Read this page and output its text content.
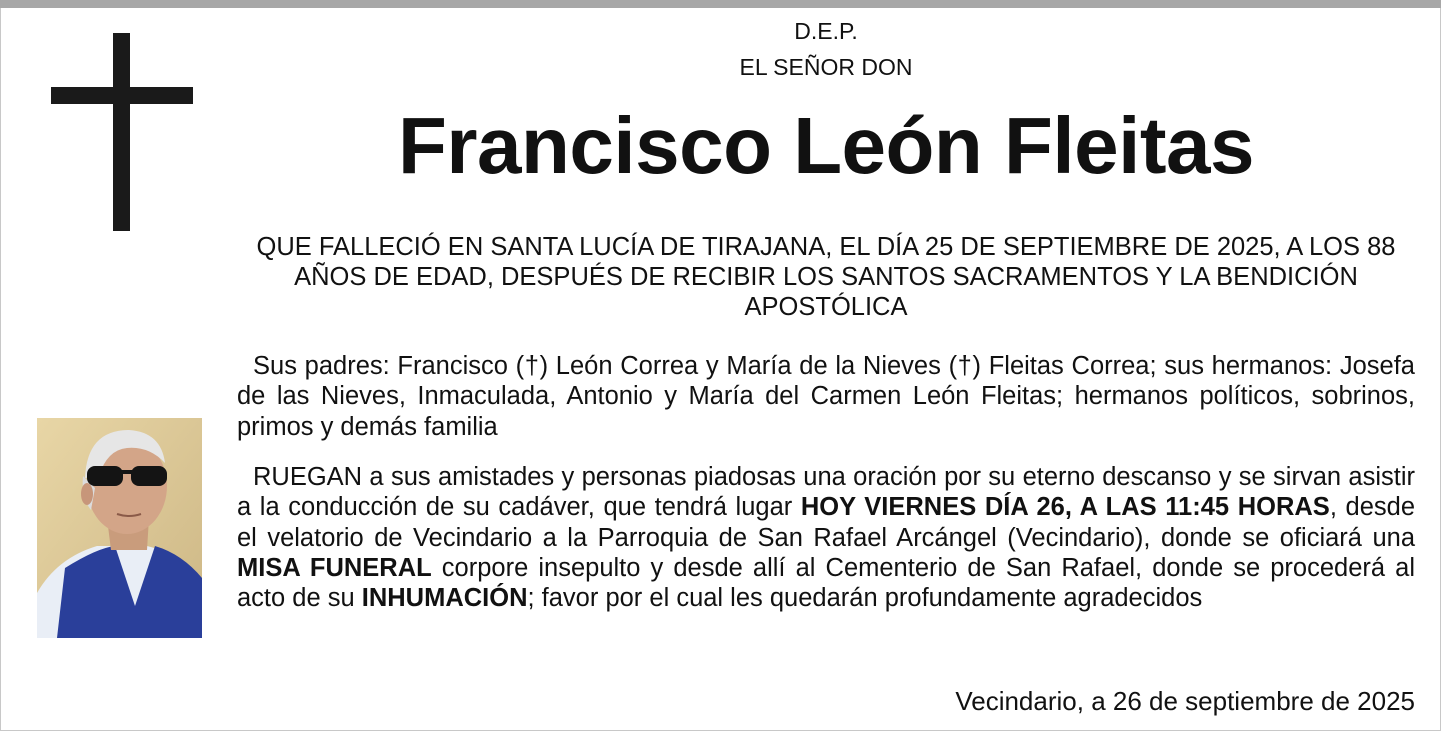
D.E.P.
EL SEÑOR DON
Francisco León Fleitas
QUE FALLECIÓ EN SANTA LUCÍA DE TIRAJANA, EL DÍA 25 DE SEPTIEMBRE DE 2025, A LOS 88 AÑOS DE EDAD, DESPUÉS DE RECIBIR LOS SANTOS SACRAMENTOS Y LA BENDICIÓN APOSTÓLICA
Sus padres: Francisco (†) León Correa y María de la Nieves (†) Fleitas Correa; sus hermanos: Josefa de las Nieves, Inmaculada, Antonio y María del Carmen León Fleitas; hermanos políticos, sobrinos, primos y demás familia
RUEGAN a sus amistades y personas piadosas una oración por su eterno descanso y se sirvan asistir a la conducción de su cadáver, que tendrá lugar HOY VIERNES DÍA 26, A LAS 11:45 HORAS, desde el velatorio de Vecindario a la Parroquia de San Rafael Arcángel (Vecindario), donde se oficiará una MISA FUNERAL corpore insepulto y desde allí al Cementerio de San Rafael, donde se procederá al acto de su INHUMACIÓN; favor por el cual les quedarán profundamente agradecidos
Vecindario, a 26 de septiembre de 2025
